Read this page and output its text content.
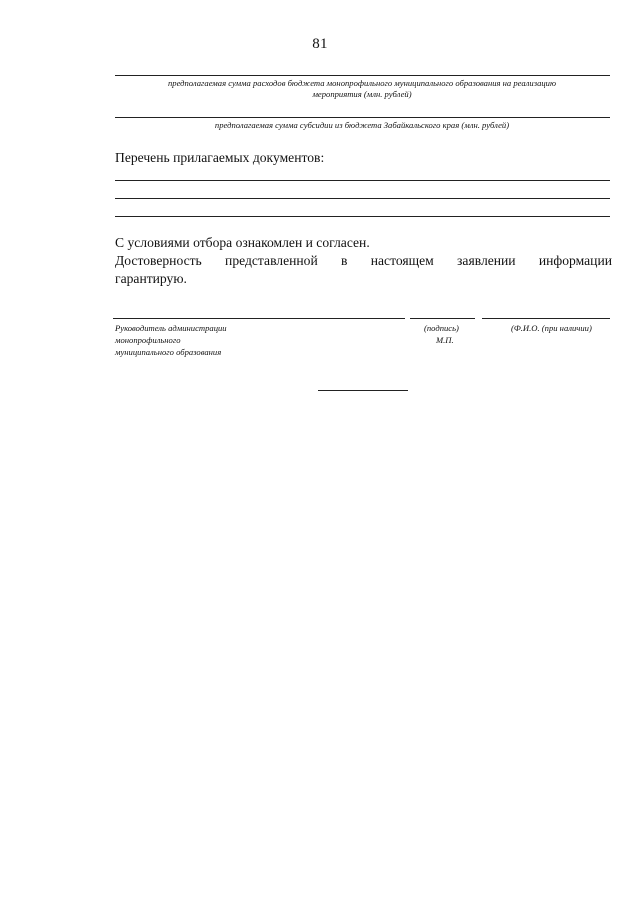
81
предполагаемая сумма расходов бюджета монопрофильного муниципального образования на реализацию
мероприятия (млн. рублей)
предполагаемая сумма субсидии из бюджета Забайкальского края (млн. рублей)
Перечень прилагаемых документов:
С условиями отбора ознакомлен и согласен.
Достоверность представленной в настоящем заявлении информации
гарантирую.
Руководитель администрации
монопрофильного
муниципального образования
(подпись)
М.П.
(Ф.И.О. (при наличии)
